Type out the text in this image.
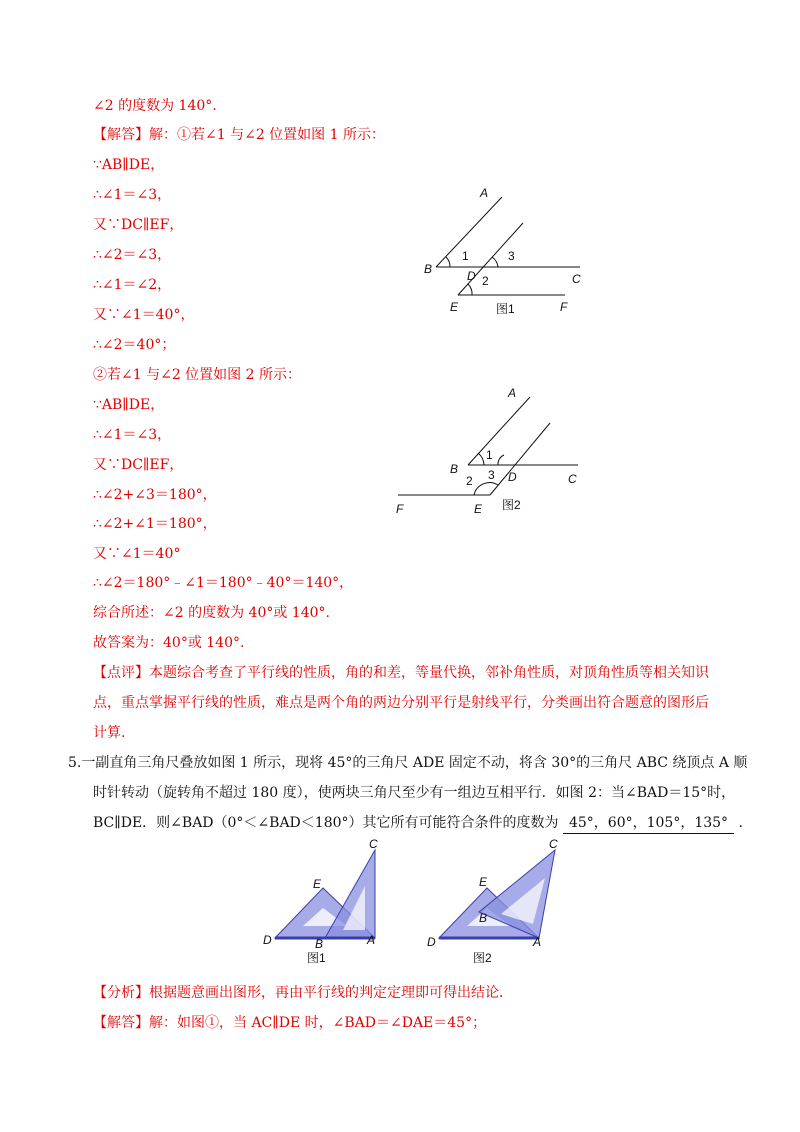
∠2 的度数为 140°.
【解答】解：①若∠1 与∠2 位置如图 1 所示：
∵AB∥DE，
∴∠1＝∠3，
又∵DC∥EF，
∴∠2＝∠3，
∴∠1＝∠2，
又∵∠1＝40°，
∴∠2＝40°；
②若∠1 与∠2 位置如图 2 所示：
∵AB∥DE，
∴∠1＝∠3，
又∵DC∥EF，
∴∠2+∠3＝180°，
∴∠2+∠1＝180°，
又∵∠1＝40°
∴∠2＝180°﹣∠1＝180°﹣40°＝140°，
综合所述：∠2 的度数为 40°或 140°.
故答案为：40°或 140°.
【点评】本题综合考查了平行线的性质，角的和差，等量代换，邻补角性质，对顶角性质等相关知识
点，重点掌握平行线的性质，难点是两个角的两边分别平行是射线平行，分类画出符合题意的图形后
计算.
5.一副直角三角尺叠放如图 1 所示，现将 45°的三角尺 ADE 固定不动，将含 30°的三角尺 ABC 绕顶点 A 顺
时针转动（旋转角不超过 180 度），使两块三角尺至少有一组边互相平行．如图 2：当∠BAD＝15°时，
BC∥DE．则∠BAD（0°＜∠BAD＜180°）其它所有可能符合条件的度数为 45°，60°，105°，135° .
【分析】根据题意画出图形，再由平行线的判定定理即可得出结论．
【解答】解：如图①，当 AC∥DE 时，∠BAD＝∠DAE＝45°；
A
B
C
D
E	F
1	3
2
图1
A
B
C
D
E
F
1
3
2
图2
C
E
B
D	A
图1
C
E
B
D	A
图2
